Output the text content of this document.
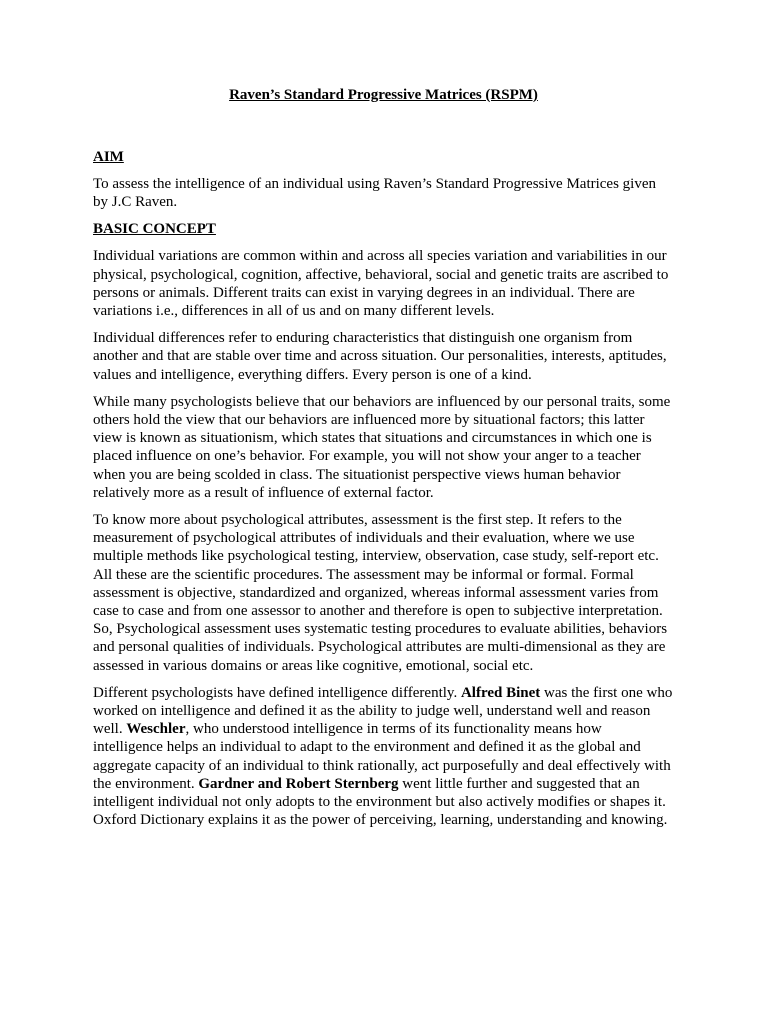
Raven’s Standard Progressive Matrices (RSPM)
AIM

To assess the intelligence of an individual using Raven’s Standard Progressive Matrices given by J.C Raven.

BASIC CONCEPT

Individual variations are common within and across all species variation and variabilities in our physical, psychological, cognition, affective, behavioral, social and genetic traits are ascribed to persons or animals. Different traits can exist in varying degrees in an individual. There are variations i.e., differences in all of us and on many different levels.

Individual differences refer to enduring characteristics that distinguish one organism from another and that are stable over time and across situation. Our personalities, interests, aptitudes, values and intelligence, everything differs. Every person is one of a kind.

While many psychologists believe that our behaviors are influenced by our personal traits, some others hold the view that our behaviors are influenced more by situational factors; this latter view is known as situationism, which states that situations and circumstances in which one is placed influence on one’s behavior. For example, you will not show your anger to a teacher when you are being scolded in class. The situationist perspective views human behavior relatively more as a result of influence of external factor.

To know more about psychological attributes, assessment is the first step. It refers to the measurement of psychological attributes of individuals and their evaluation, where we use multiple methods like psychological testing, interview, observation, case study, self-report etc. All these are the scientific procedures. The assessment may be informal or formal. Formal assessment is objective, standardized and organized, whereas informal assessment varies from case to case and from one assessor to another and therefore is open to subjective interpretation. So, Psychological assessment uses systematic testing procedures to evaluate abilities, behaviors and personal qualities of individuals. Psychological attributes are multi-dimensional as they are assessed in various domains or areas like cognitive, emotional, social etc.

Different psychologists have defined intelligence differently. Alfred Binet was the first one who worked on intelligence and defined it as the ability to judge well, understand well and reason well. Weschler, who understood intelligence in terms of its functionality means how intelligence helps an individual to adapt to the environment and defined it as the global and aggregate capacity of an individual to think rationally, act purposefully and deal effectively with the environment. Gardner and Robert Sternberg went little further and suggested that an intelligent individual not only adopts to the environment but also actively modifies or shapes it. Oxford Dictionary explains it as the power of perceiving, learning, understanding and knowing.
